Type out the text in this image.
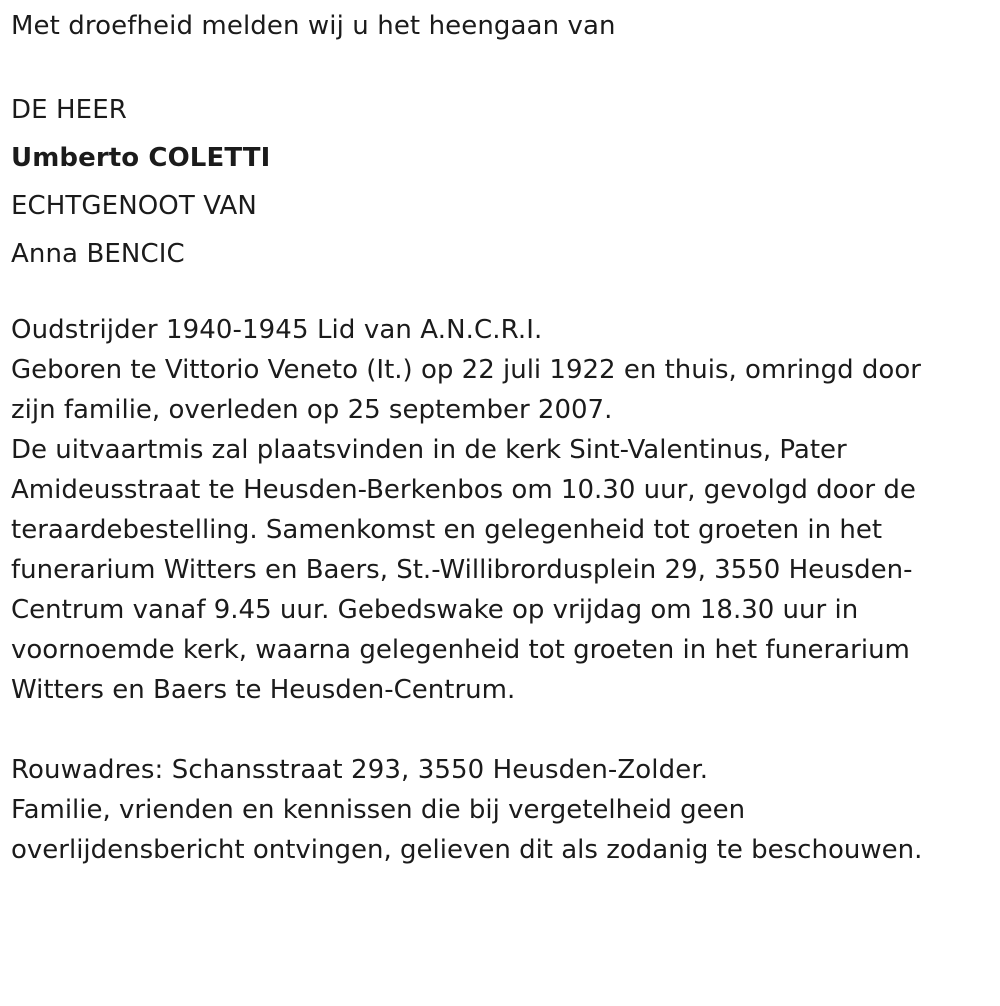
Met droefheid melden wij u het heengaan van
DE HEER
Umberto COLETTI
ECHTGENOOT VAN
Anna BENCIC
Oudstrijder 1940-1945 Lid van A.N.C.R.I.
Geboren te Vittorio Veneto (It.) op 22 juli 1922 en thuis, omringd door
zijn familie, overleden op 25 september 2007.
De uitvaartmis zal plaatsvinden in de kerk Sint-Valentinus, Pater
Amideusstraat te Heusden-Berkenbos om 10.30 uur, gevolgd door de
teraardebestelling. Samenkomst en gelegenheid tot groeten in het
funerarium Witters en Baers, St.-Willibrordusplein 29, 3550 Heusden-
Centrum vanaf 9.45 uur. Gebedswake op vrijdag om 18.30 uur in
voornoemde kerk, waarna gelegenheid tot groeten in het funerarium
Witters en Baers te Heusden-Centrum.
Rouwadres: Schansstraat 293, 3550 Heusden-Zolder.
Familie, vrienden en kennissen die bij vergetelheid geen
overlijdensbericht ontvingen, gelieven dit als zodanig te beschouwen.
